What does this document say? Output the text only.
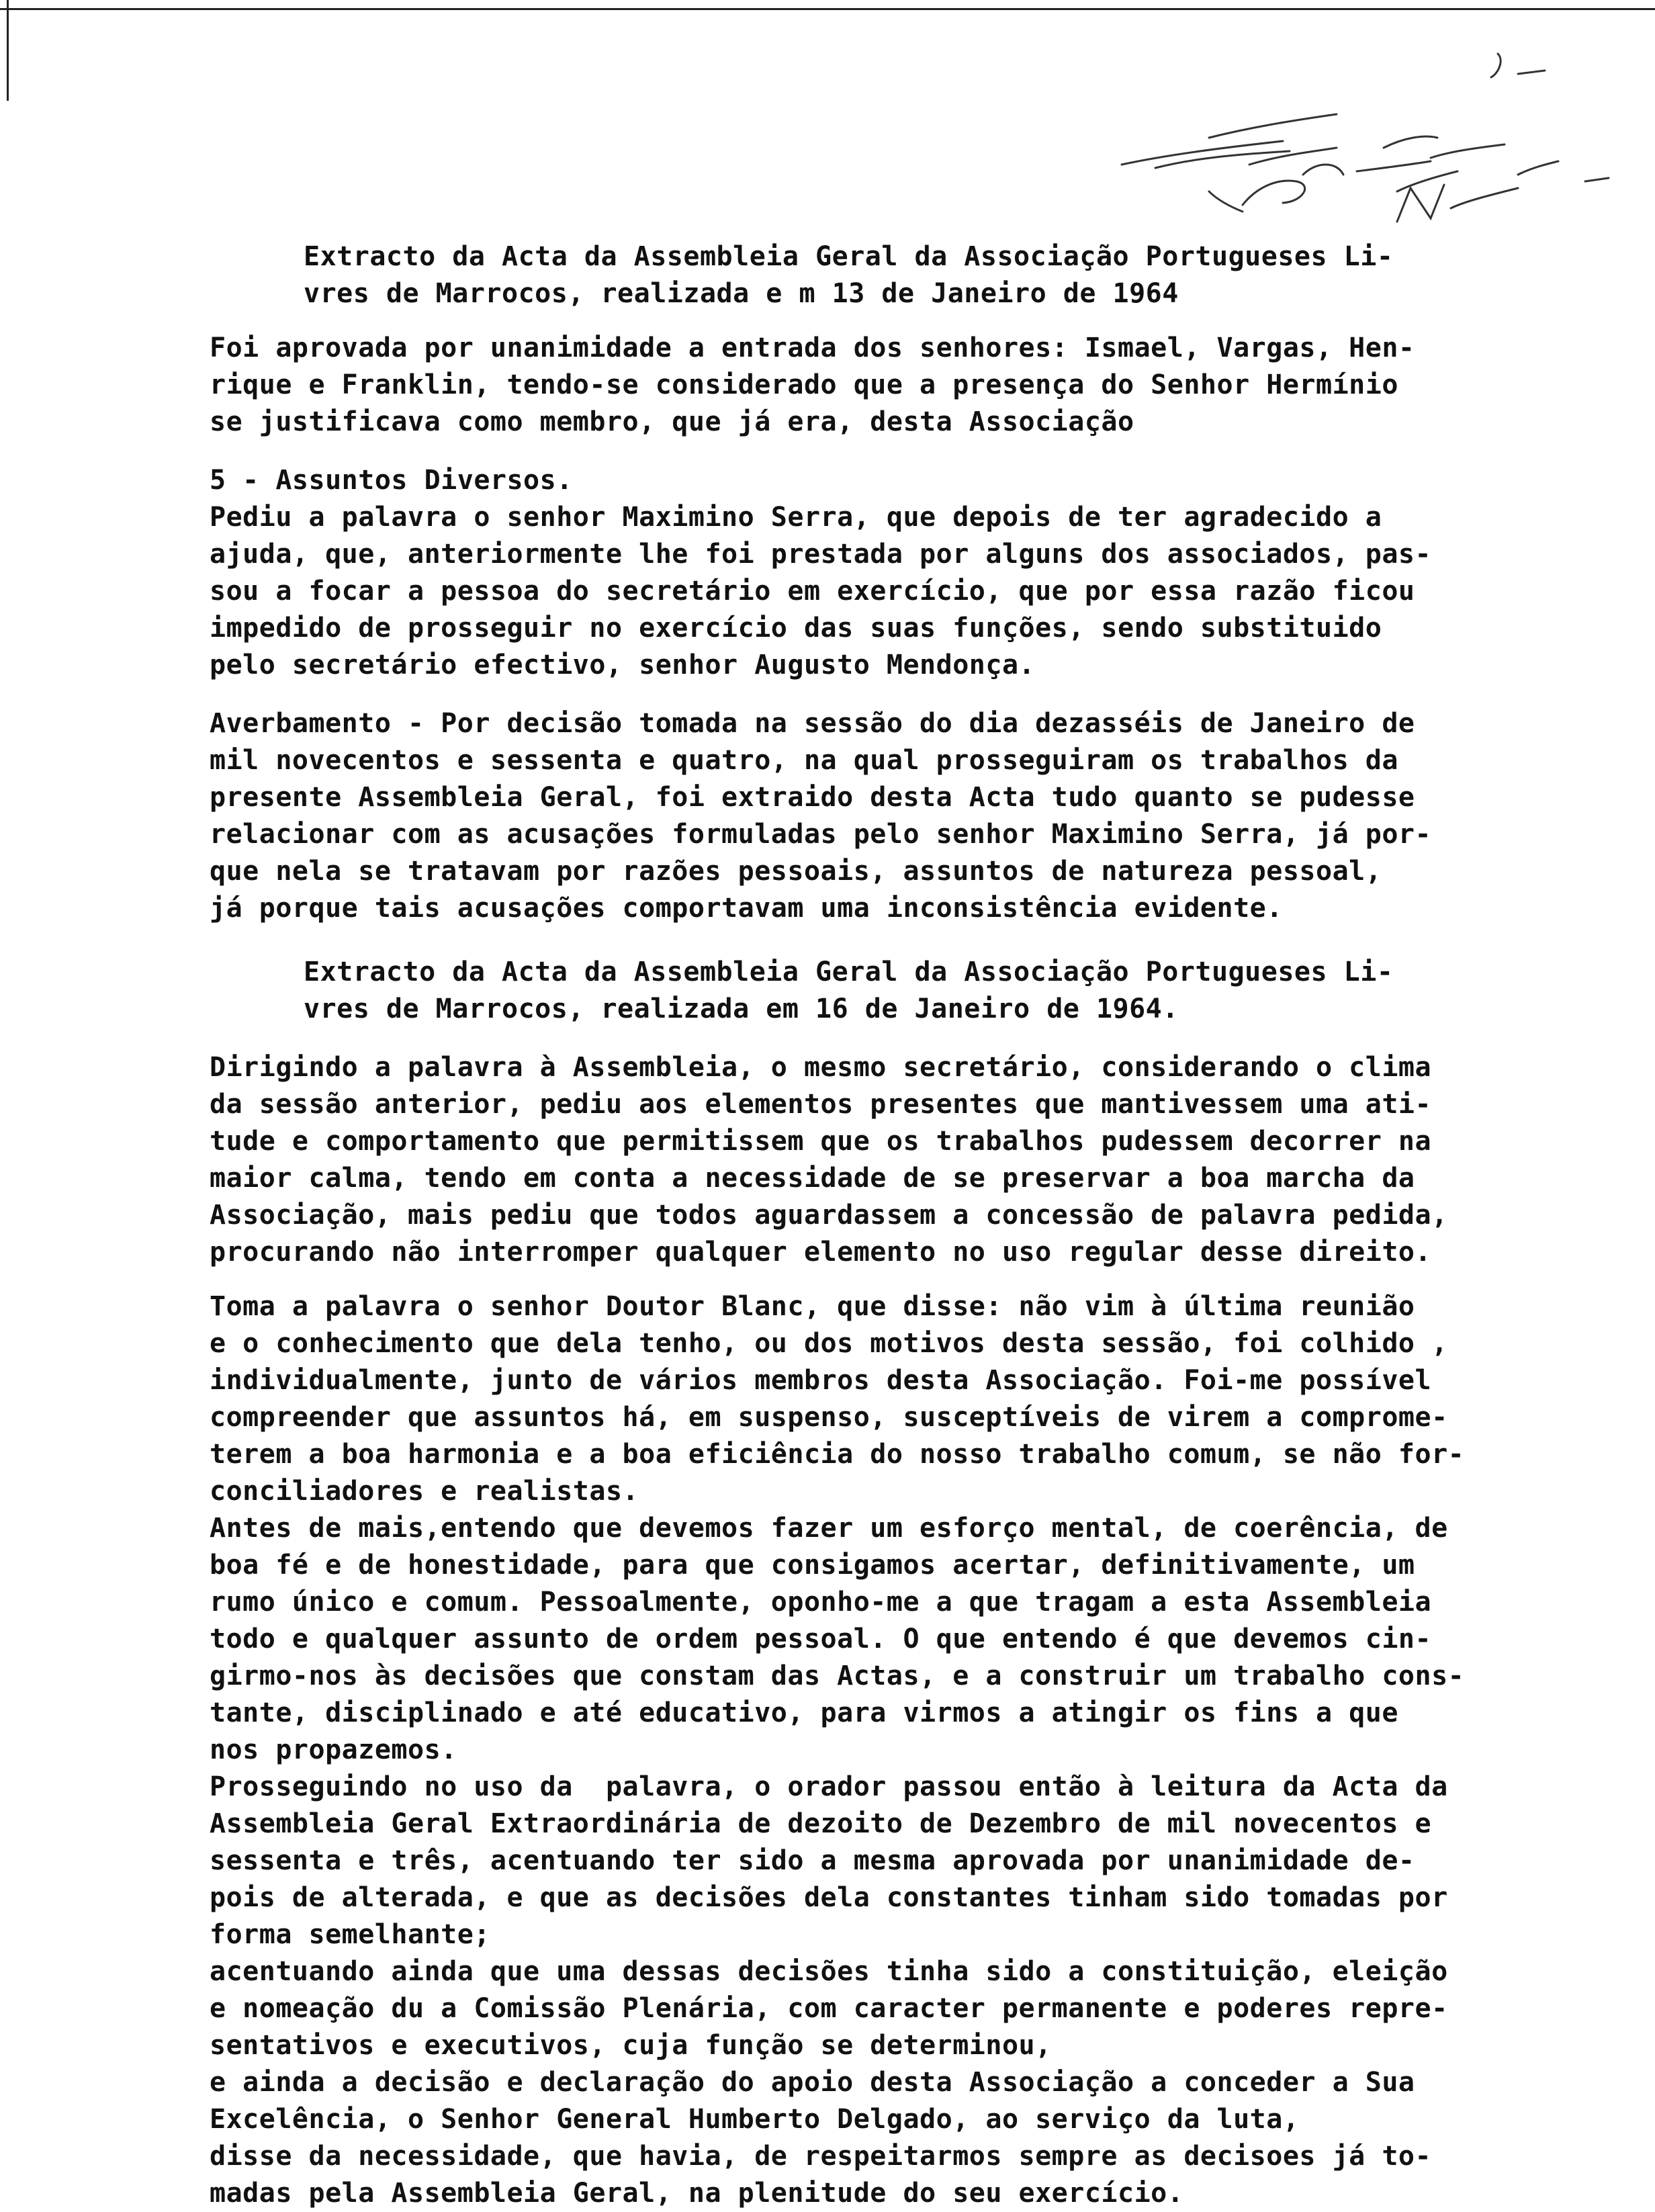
Extracto da Acta da Assembleia Geral da Associação Portugueses Li-
vres de Marrocos, realizada e m 13 de Janeiro de 1964

Foi aprovada por unanimidade a entrada dos senhores: Ismael, Vargas, Hen-
rique e Franklin, tendo-se considerado que a presença do Senhor Hermínio
se justificava como membro, que já era, desta Associação

5 - Assuntos Diversos.
Pediu a palavra o senhor Maximino Serra, que depois de ter agradecido a
ajuda, que, anteriormente lhe foi prestada por alguns dos associados, pas-
sou a focar a pessoa do secretário em exercício, que por essa razão ficou
impedido de prosseguir no exercício das suas funções, sendo substituido
pelo secretário efectivo, senhor Augusto Mendonça.

Averbamento - Por decisão tomada na sessão do dia dezasséis de Janeiro de
mil novecentos e sessenta e quatro, na qual prosseguiram os trabalhos da
presente Assembleia Geral, foi extraido desta Acta tudo quanto se pudesse
relacionar com as acusações formuladas pelo senhor Maximino Serra, já por-
que nela se tratavam por razões pessoais, assuntos de natureza pessoal,
já porque tais acusações comportavam uma inconsistência evidente.

Extracto da Acta da Assembleia Geral da Associação Portugueses Li-
vres de Marrocos, realizada em 16 de Janeiro de 1964.

Dirigindo a palavra à Assembleia, o mesmo secretário, considerando o clima
da sessão anterior, pediu aos elementos presentes que mantivessem uma ati-
tude e comportamento que permitissem que os trabalhos pudessem decorrer na
maior calma, tendo em conta a necessidade de se preservar a boa marcha da
Associação, mais pediu que todos aguardassem a concessão de palavra pedida,
procurando não interromper qualquer elemento no uso regular desse direito.

Toma a palavra o senhor Doutor Blanc, que disse: não vim à última reunião
e o conhecimento que dela tenho, ou dos motivos desta sessão, foi colhido ,
individualmente, junto de vários membros desta Associação. Foi-me possível
compreender que assuntos há, em suspenso, susceptíveis de virem a comprome-
terem a boa harmonia e a boa eficiência do nosso trabalho comum, se não for-
conciliadores e realistas.
Antes de mais,entendo que devemos fazer um esforço mental, de coerência, de
boa fé e de honestidade, para que consigamos acertar, definitivamente, um
rumo único e comum. Pessoalmente, oponho-me a que tragam a esta Assembleia
todo e qualquer assunto de ordem pessoal. O que entendo é que devemos cin-
girmo-nos às decisões que constam das Actas, e a construir um trabalho cons-
tante, disciplinado e até educativo, para virmos a atingir os fins a que
nos propazemos.
Prosseguindo no uso da  palavra, o orador passou então à leitura da Acta da
Assembleia Geral Extraordinária de dezoito de Dezembro de mil novecentos e
sessenta e três, acentuando ter sido a mesma aprovada por unanimidade de-
pois de alterada, e que as decisões dela constantes tinham sido tomadas por
forma semelhante;
acentuando ainda que uma dessas decisões tinha sido a constituição, eleição
e nomeação du a Comissão Plenária, com caracter permanente e poderes repre-
sentativos e executivos, cuja função se determinou,
e ainda a decisão e declaração do apoio desta Associação a conceder a Sua
Excelência, o Senhor General Humberto Delgado, ao serviço da luta,
disse da necessidade, que havia, de respeitarmos sempre as decisoes já to-
madas pela Assembleia Geral, na plenitude do seu exercício.
